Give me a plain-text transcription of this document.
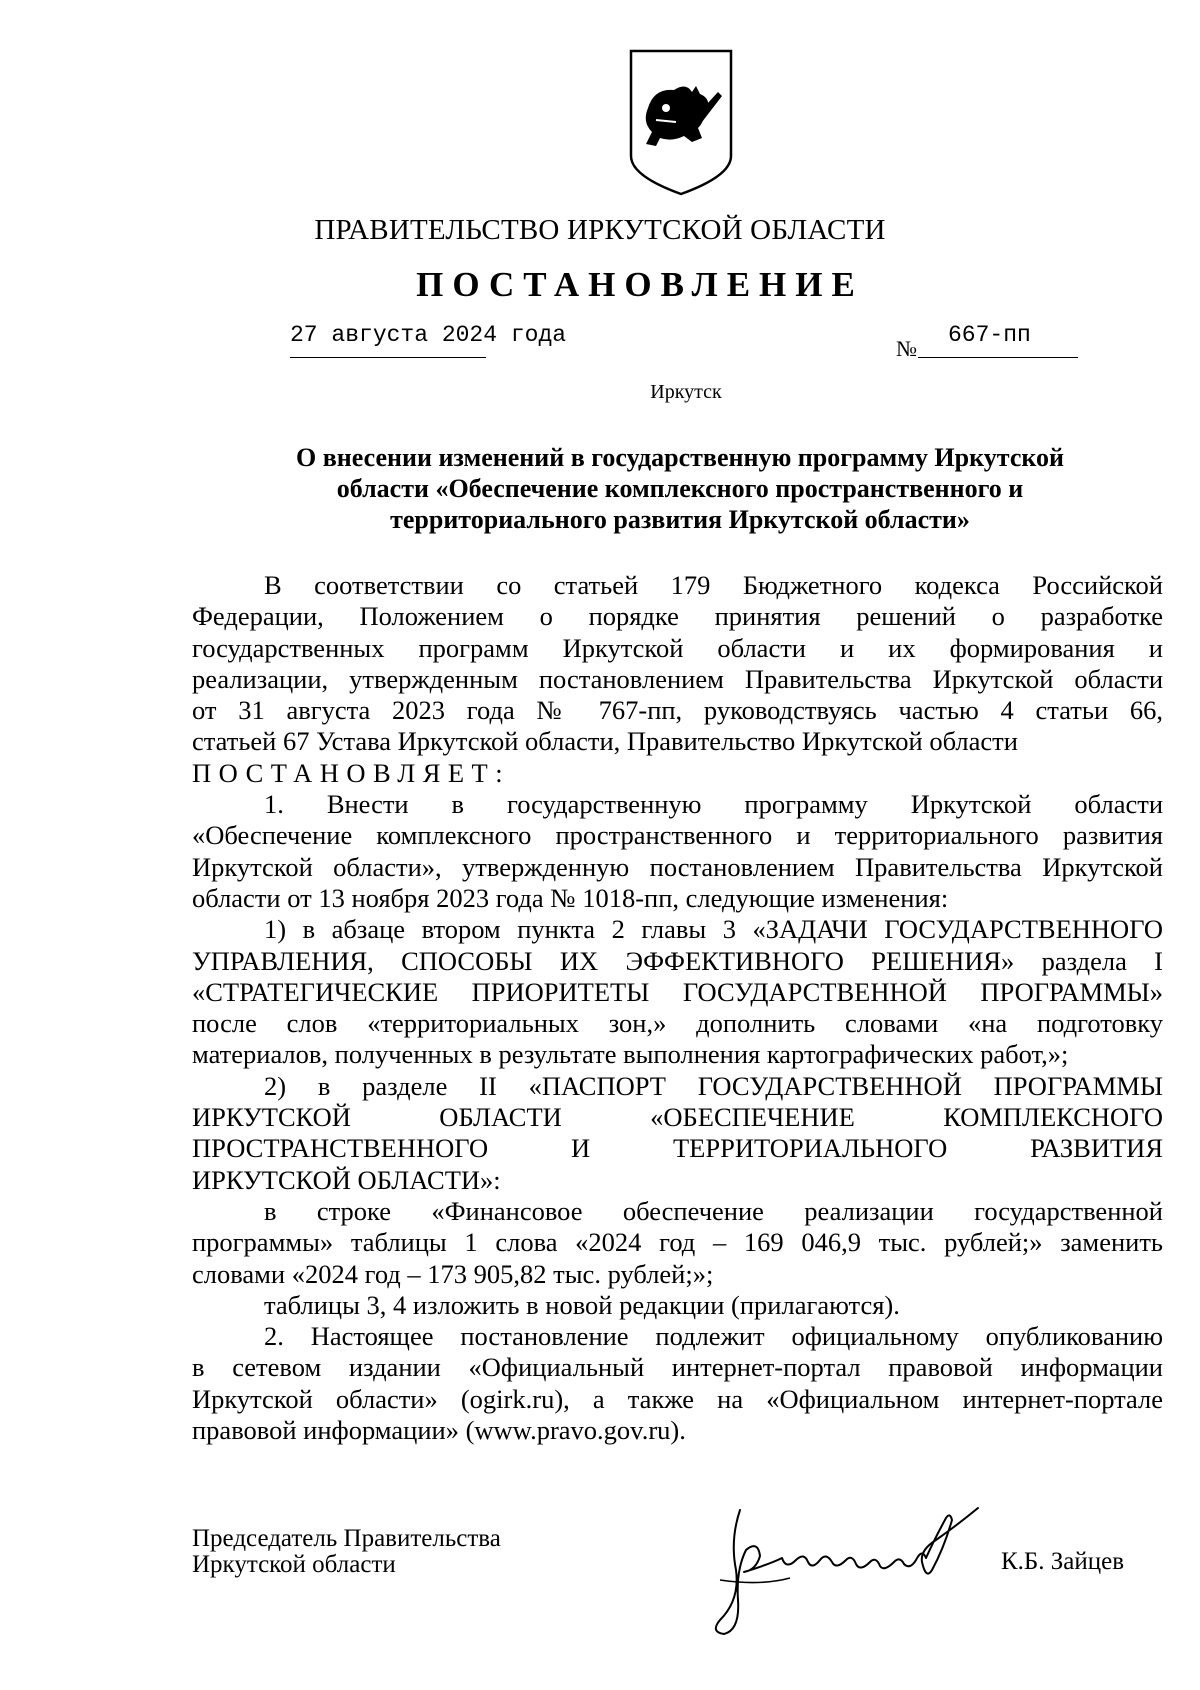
ПРАВИТЕЛЬСТВО ИРКУТСКОЙ ОБЛАСТИ
ПОСТАНОВЛЕНИЕ
27 августа 2024 года
№
667-пп
Иркутск
О внесении изменений в государственную программу Иркутской
области «Обеспечение комплексного пространственного и
территориального развития Иркутской области»
В соответствии со статьей 179 Бюджетного кодекса Российской
Федерации, Положением о порядке принятия решений о разработке
государственных программ Иркутской области и их формирования и
реализации, утвержденным постановлением Правительства Иркутской области
от 31 августа 2023 года № 767-пп, руководствуясь частью 4 статьи 66,
статьей 67 Устава Иркутской области, Правительство Иркутской области
ПОСТАНОВЛЯЕТ:
1. Внести в государственную программу Иркутской области
«Обеспечение комплексного пространственного и территориального развития
Иркутской области», утвержденную постановлением Правительства Иркутской
области от 13 ноября 2023 года № 1018-пп, следующие изменения:
1) в абзаце втором пункта 2 главы 3 «ЗАДАЧИ ГОСУДАРСТВЕННОГО
УПРАВЛЕНИЯ, СПОСОБЫ ИХ ЭФФЕКТИВНОГО РЕШЕНИЯ» раздела I
«СТРАТЕГИЧЕСКИЕ ПРИОРИТЕТЫ ГОСУДАРСТВЕННОЙ ПРОГРАММЫ»
после слов «территориальных зон,» дополнить словами «на подготовку
материалов, полученных в результате выполнения картографических работ,»;
2) в разделе II «ПАСПОРТ ГОСУДАРСТВЕННОЙ ПРОГРАММЫ
ИРКУТСКОЙ ОБЛАСТИ «ОБЕСПЕЧЕНИЕ КОМПЛЕКСНОГО
ПРОСТРАНСТВЕННОГО И ТЕРРИТОРИАЛЬНОГО РАЗВИТИЯ
ИРКУТСКОЙ ОБЛАСТИ»:
в строке «Финансовое обеспечение реализации государственной
программы» таблицы 1 слова «2024 год – 169 046,9 тыс. рублей;» заменить
словами «2024 год – 173 905,82 тыс. рублей;»;
таблицы 3, 4 изложить в новой редакции (прилагаются).
2. Настоящее постановление подлежит официальному опубликованию
в сетевом издании «Официальный интернет-портал правовой информации
Иркутской области» (ogirk.ru), а также на «Официальном интернет-портале
правовой информации» (www.pravo.gov.ru).
Председатель Правительства
Иркутской области	К.Б. Зайцев
